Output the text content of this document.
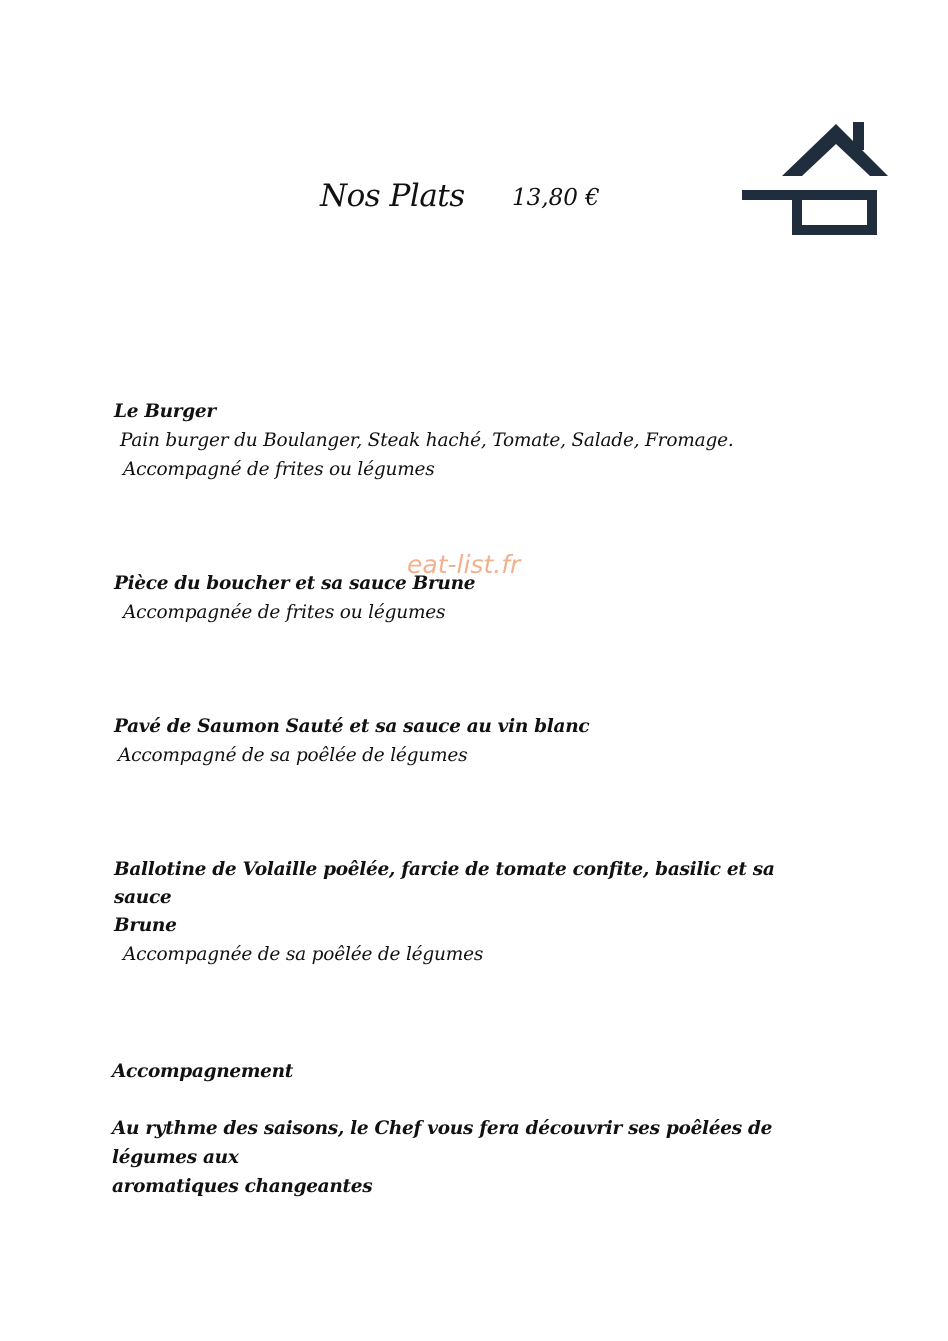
Nos Plats 13,80 €
eat-list.fr
Le Burger
Pain burger du Boulanger, Steak haché, Tomate, Salade, Fromage.
Accompagné de frites ou légumes
Pièce du boucher et sa sauce Brune
Accompagnée de frites ou légumes
Pavé de Saumon Sauté et sa sauce au vin blanc
Accompagné de sa poêlée de légumes
Ballotine de Volaille poêlée, farcie de tomate confite, basilic et sa sauce
Brune
Accompagnée de sa poêlée de légumes
Accompagnement
Au rythme des saisons, le Chef vous fera découvrir ses poêlées de légumes aux
aromatiques changeantes
